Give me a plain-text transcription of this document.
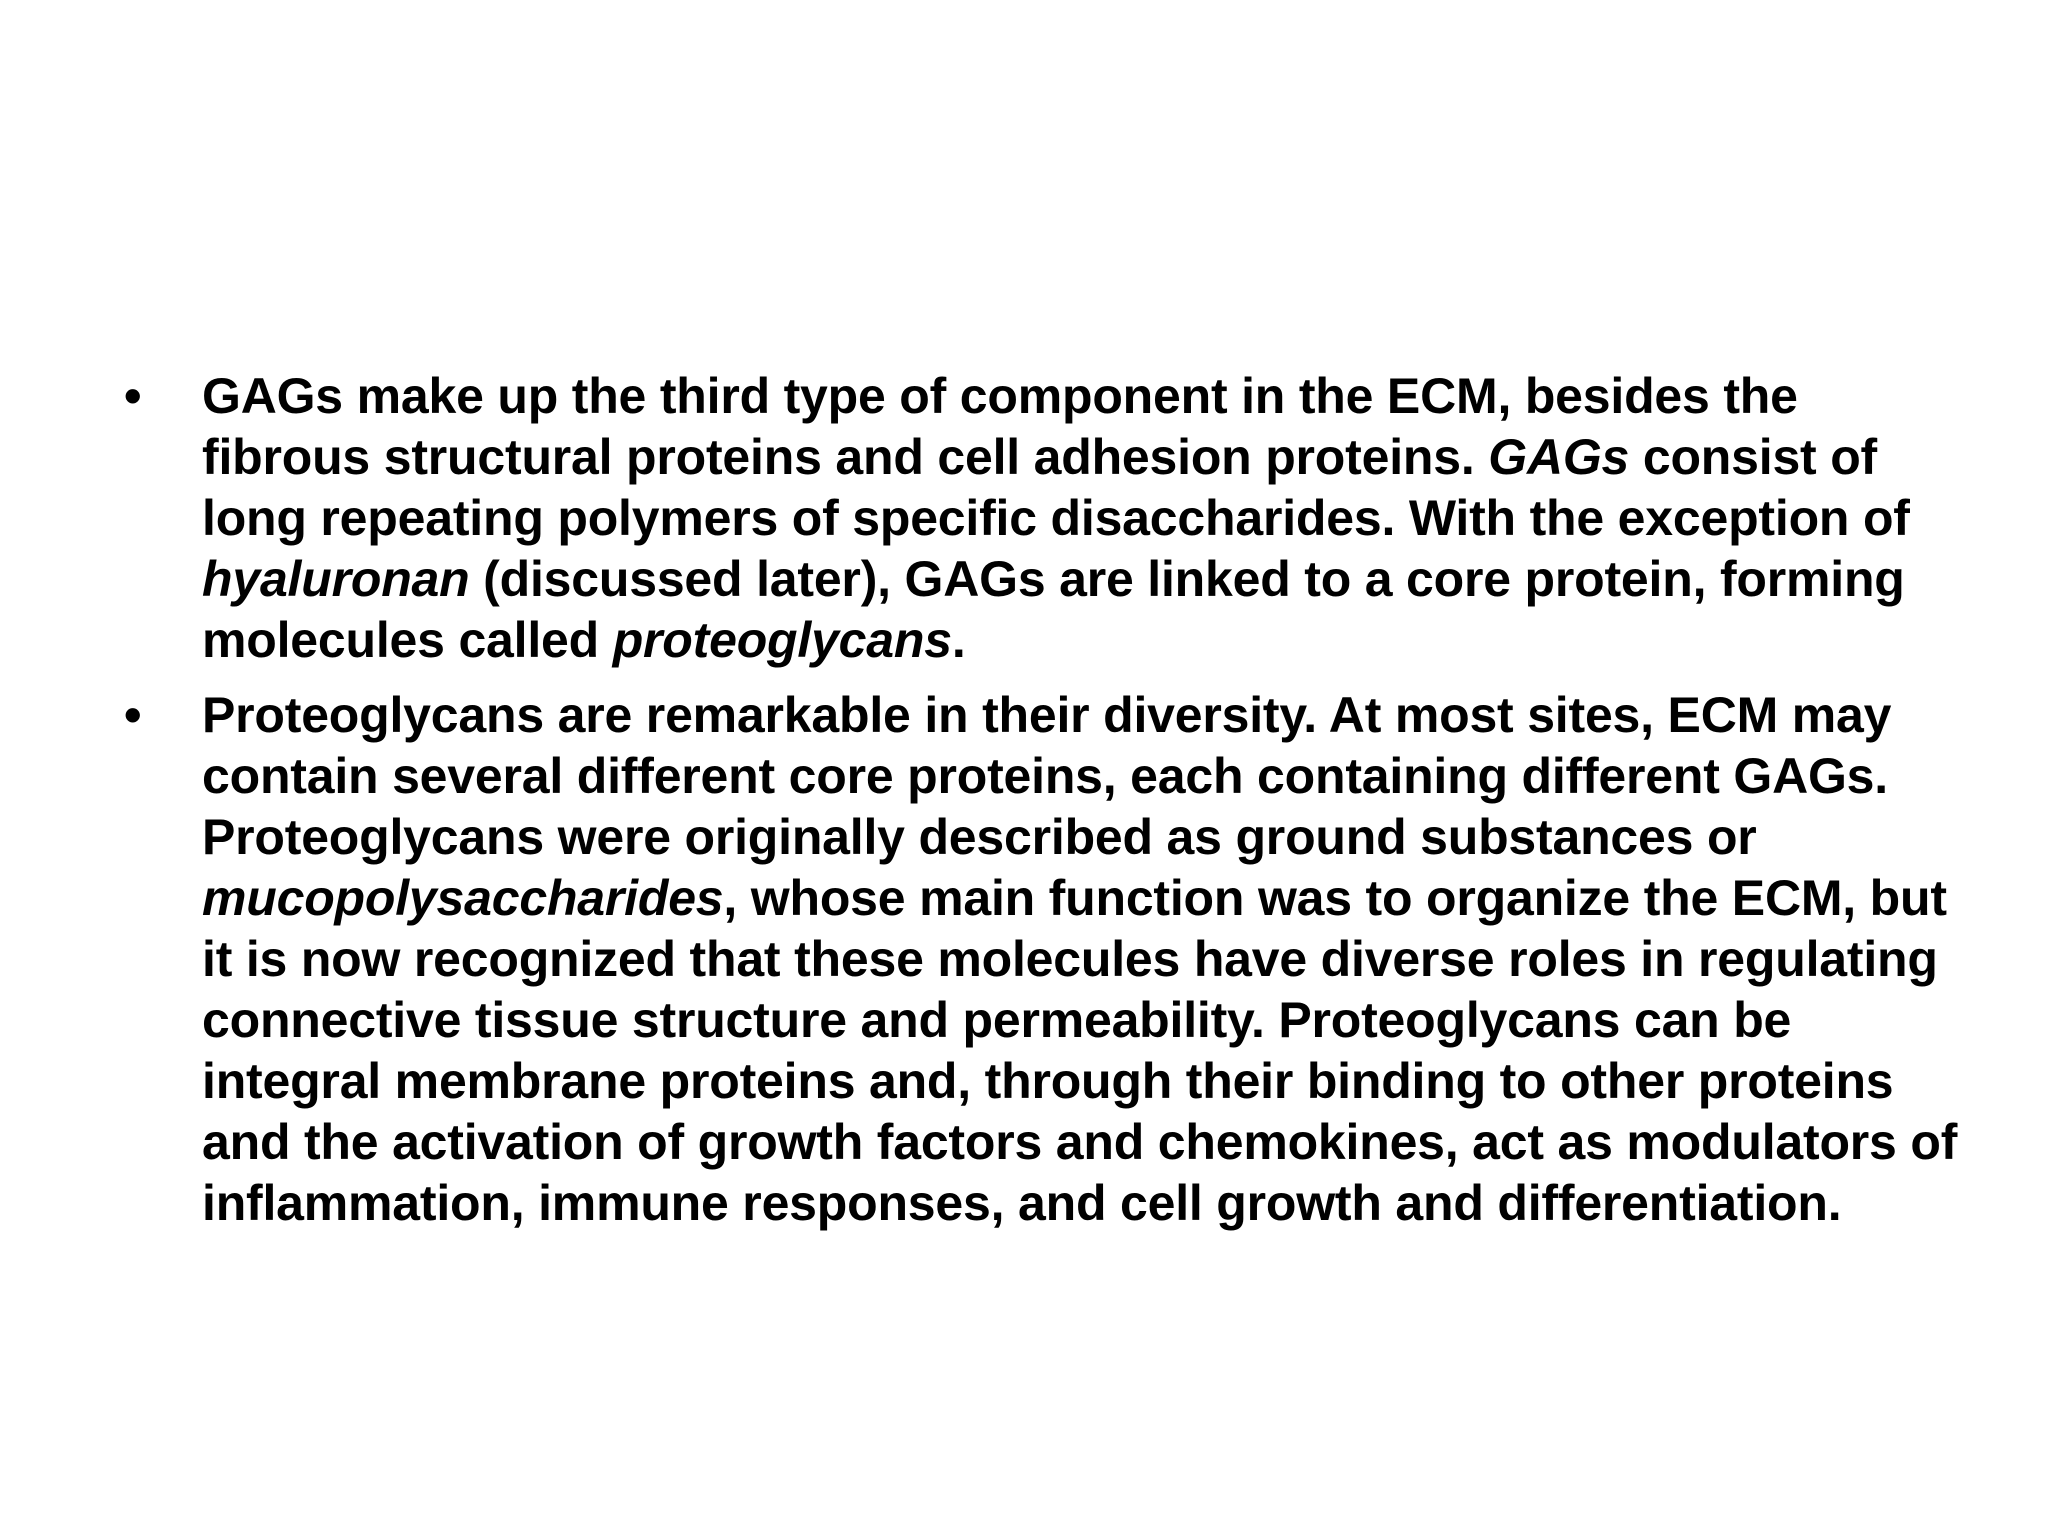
• GAGs make up the third type of component in the ECM, besides the fibrous structural proteins and cell adhesion proteins. GAGs consist of long repeating polymers of specific disaccharides. With the exception of hyaluronan (discussed later), GAGs are linked to a core protein, forming molecules called proteoglycans.
• Proteoglycans are remarkable in their diversity. At most sites, ECM may contain several different core proteins, each containing different GAGs. Proteoglycans were originally described as ground substances or mucopolysaccharides, whose main function was to organize the ECM, but it is now recognized that these molecules have diverse roles in regulating connective tissue structure and permeability. Proteoglycans can be integral membrane proteins and, through their binding to other proteins and the activation of growth factors and chemokines, act as modulators of inflammation, immune responses, and cell growth and differentiation.
